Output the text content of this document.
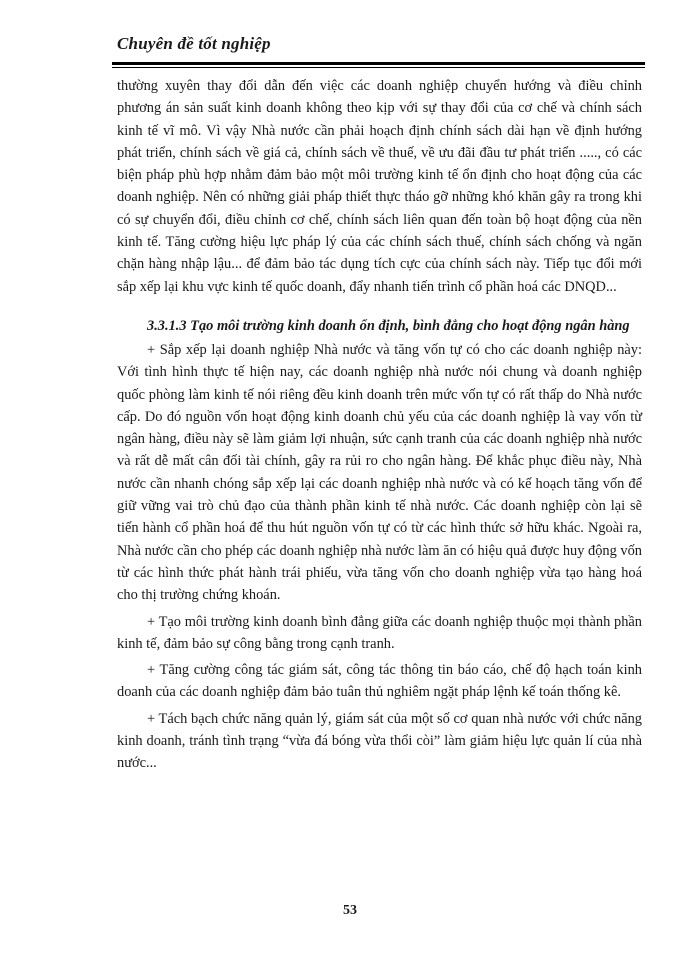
Chuyên đề tốt nghiệp

thường xuyên thay đổi dẫn đến việc các doanh nghiệp chuyển hướng và điều chỉnh phương án sản suất kinh doanh không theo kịp với sự thay đổi của cơ chế và chính sách kinh tế vĩ mô. Vì vậy Nhà nước cần phải hoạch định chính sách dài hạn về định hướng phát triển, chính sách về giá cả, chính sách về thuế, về ưu đãi đầu tư phát triển ....., có các biện pháp phù hợp nhằm đảm bảo một môi trường kinh tế ổn định cho hoạt động của các doanh nghiệp. Nên có những giải pháp thiết thực tháo gỡ những khó khăn gây ra trong khi có sự chuyển đổi, điều chỉnh cơ chế, chính sách liên quan đến toàn bộ hoạt động của nền kinh tế. Tăng cường hiệu lực pháp lý của các chính sách thuế, chính sách chống và ngăn chặn hàng nhập lậu... để đảm bảo tác dụng tích cực của chính sách này. Tiếp tục đổi mới sắp xếp lại khu vực kinh tế quốc doanh, đẩy nhanh tiến trình cổ phần hoá các DNQD...

3.3.1.3 Tạo môi trường kinh doanh ổn định, bình đẳng cho hoạt động ngân hàng

+ Sắp xếp lại doanh nghiệp Nhà nước và tăng vốn tự có cho các doanh nghiệp này: Với tình hình thực tế hiện nay, các doanh nghiệp nhà nước nói chung và doanh nghiệp quốc phòng làm kinh tế nói riêng đều kinh doanh trên mức vốn tự có rất thấp do Nhà nước cấp. Do đó nguồn vốn hoạt động kinh doanh chủ yếu của các doanh nghiệp là vay vốn từ ngân hàng, điều này sẽ làm giảm lợi nhuận, sức cạnh tranh của các doanh nghiệp nhà nước và rất dễ mất cân đối tài chính, gây ra rủi ro cho ngân hàng. Để khắc phục điều này, Nhà nước cần nhanh chóng sắp xếp lại các doanh nghiệp nhà nước và có kế hoạch tăng vốn để giữ vững vai trò chủ đạo của thành phần kinh tế nhà nước. Các doanh nghiệp còn lại sẽ tiến hành cổ phần hoá để thu hút nguồn vốn tự có từ các hình thức sở hữu khác. Ngoài ra, Nhà nước cần cho phép các doanh nghiệp nhà nước làm ăn có hiệu quả được huy động vốn từ các hình thức phát hành trái phiếu, vừa tăng vốn cho doanh nghiệp vừa tạo hàng hoá cho thị trường chứng khoán.

+ Tạo môi trường kinh doanh bình đẳng giữa các doanh nghiệp thuộc mọi thành phần kinh tế, đảm bảo sự công bằng trong cạnh tranh.

+ Tăng cường công tác giám sát, công tác thông tin báo cáo, chế độ hạch toán kinh doanh của các doanh nghiệp đảm bảo tuân thủ nghiêm ngặt pháp lệnh kế toán thống kê.

+ Tách bạch chức năng quản lý, giám sát của một số cơ quan nhà nước với chức năng kinh doanh, tránh tình trạng “vừa đá bóng vừa thổi còi” làm giảm hiệu lực quản lí của nhà nước...

53
